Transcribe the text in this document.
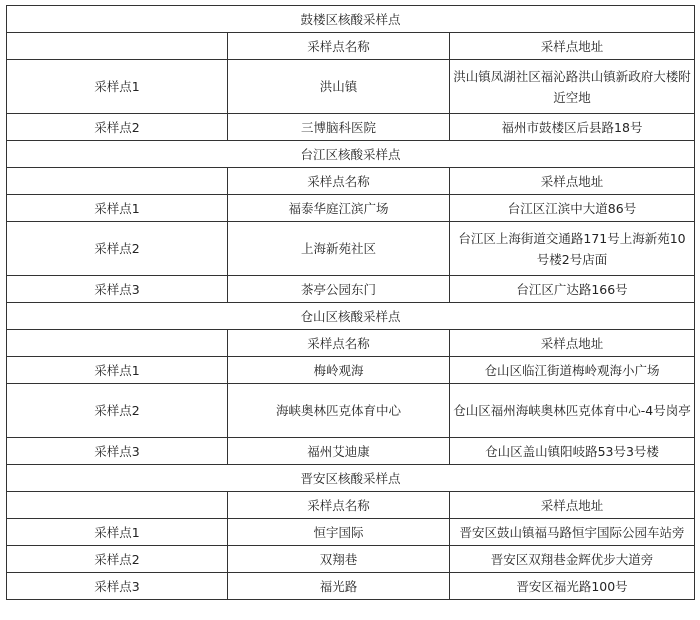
鼓楼区核酸采样点		
	采样点名称	采样点地址
采样点1	洪山镇	洪山镇凤湖社区福沁路洪山镇新政府大楼附近空地
采样点2	三博脑科医院	福州市鼓楼区后县路18号
台江区核酸采样点		
	采样点名称	采样点地址
采样点1	福泰华庭江滨广场	台江区江滨中大道86号
采样点2	上海新苑社区	台江区上海街道交通路171号上海新苑10号楼2号店面
采样点3	茶亭公园东门	台江区广达路166号
仓山区核酸采样点		
	采样点名称	采样点地址
采样点1	梅岭观海	仓山区临江街道梅岭观海小广场
采样点2	海峡奥林匹克体育中心	仓山区福州海峡奥林匹克体育中心-4号岗亭
采样点3	福州艾迪康	仓山区盖山镇阳岐路53号3号楼
晋安区核酸采样点		
	采样点名称	采样点地址
采样点1	恒宇国际	晋安区鼓山镇福马路恒宇国际公园车站旁
采样点2	双翔巷	晋安区双翔巷金辉优步大道旁
采样点3	福光路	晋安区福光路100号
